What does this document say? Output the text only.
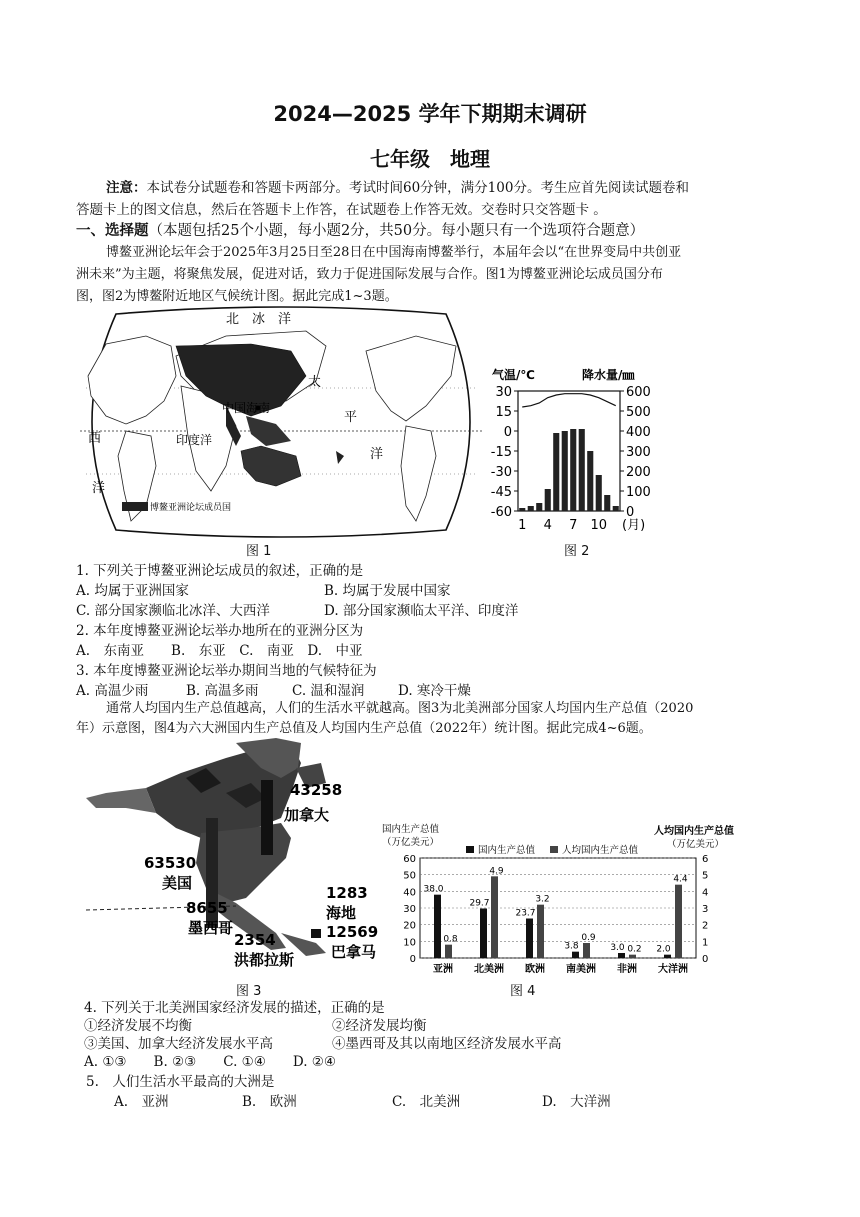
2024—2025 学年下期期末调研
七年级　地理
注意：本试卷分试题卷和答题卡两部分。考试时间60分钟，满分100分。考生应首先阅读试题卷和
答题卡上的图文信息，然后在答题卡上作答，在试题卷上作答无效。交卷时只交答题卡 。
一、选择题（本题包括25个小题，每小题2分，共50分。每小题只有一个选项符合题意）
博鳌亚洲论坛年会于2025年3月25日至28日在中国海南博鳌举行，本届年会以“在世界变局中共创亚
洲未来”为主题，将聚焦发展，促进对话，致力于促进国际发展与合作。图1为博鳌亚洲论坛成员国分布
图，图2为博鳌附近地区气候统计图。据此完成1~3题。
北　冰　洋
太
平
洋
中国海南
印度洋
西
洋
博鳌亚洲论坛成员国
图 1
气温/℃	降水量/㎜
30
15
0
-15
-30
-45
-60
600
500
400
300
200
100
0
1 4 7 10 (月)
图 2
1. 下列关于博鳌亚洲论坛成员的叙述，正确的是
A. 均属于亚洲国家	B. 均属于发展中国家
C. 部分国家濒临北冰洋、大西洋	D. 部分国家濒临太平洋、印度洋
2. 本年度博鳌亚洲论坛举办地所在的亚洲分区为
A.　东南亚　　B.　东亚　C.　南亚　D.　中亚
3. 本年度博鳌亚洲论坛举办期间当地的气候特征为
A. 高温少雨	B. 高温多雨 C. 温和湿润 D. 寒冷干燥
通常人均国内生产总值越高，人们的生活水平就越高。图3为北美洲部分国家人均国内生产总值（2020
年）示意图，图4为六大洲国内生产总值及人均国内生产总值（2022年）统计图。据此完成4~6题。
43258
加拿大
63530
美国
1283
海地
8655
墨西哥	12569
巴拿马
2354
洪都拉斯
图 3
国内生产总值
（万亿美元）
人均国内生产总值
（万亿美元）
国内生产总值	人均国内生产总值
60
50
40
30
20
10
0
6
5
4
3
2
1
0
38.0
0.8
亚洲
29.7
4.9
北美洲
23.7
3.2
欧洲
3.8
0.9
南美洲
3.0 0.2
非洲
2.0
4.4
大洋洲
图 4
4. 下列关于北美洲国家经济发展的描述，正确的是
①经济发展不均衡	②经济发展均衡
③美国、加拿大经济发展水平高	④墨西哥及其以南地区经济发展水平高
A. ①③　　B. ②③　　C. ①④　　D. ②④
5.　人们生活水平最高的大洲是
A.　亚洲	B.　欧洲	C.　北美洲	D.　大洋洲
